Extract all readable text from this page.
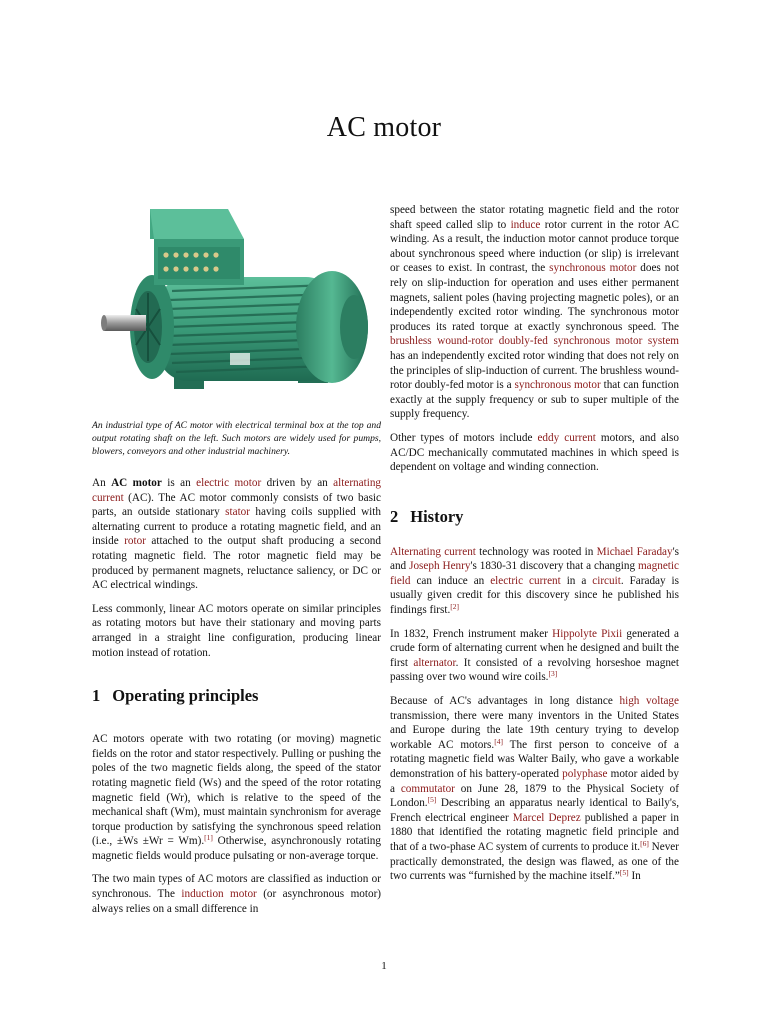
AC motor

An industrial type of AC motor with electrical terminal box at the top and output rotating shaft on the left. Such motors are widely used for pumps, blowers, conveyors and other industrial machinery.

An AC motor is an electric motor driven by an alternating current (AC). The AC motor commonly consists of two basic parts, an outside stationary stator having coils supplied with alternating current to produce a rotating magnetic field, and an inside rotor attached to the output shaft producing a second rotating magnetic field. The rotor magnetic field may be produced by permanent magnets, reluctance saliency, or DC or AC electrical windings.

Less commonly, linear AC motors operate on similar principles as rotating motors but have their stationary and moving parts arranged in a straight line configuration, producing linear motion instead of rotation.

1 Operating principles

AC motors operate with two rotating (or moving) magnetic fields on the rotor and stator respectively. Pulling or pushing the poles of the two magnetic fields along, the speed of the stator rotating magnetic field (Ws) and the speed of the rotor rotating magnetic field (Wr), which is relative to the speed of the mechanical shaft (Wm), must maintain synchronism for average torque production by satisfying the synchronous speed relation (i.e., ±Ws ±Wr = Wm).[1] Otherwise, asynchronously rotating magnetic fields would produce pulsating or non-average torque.

The two main types of AC motors are classified as induction or synchronous. The induction motor (or asynchronous motor) always relies on a small difference in

speed between the stator rotating magnetic field and the rotor shaft speed called slip to induce rotor current in the rotor AC winding. As a result, the induction motor cannot produce torque about synchronous speed where induction (or slip) is irrelevant or ceases to exist. In contrast, the synchronous motor does not rely on slip-induction for operation and uses either permanent magnets, salient poles (having projecting magnetic poles), or an independently excited rotor winding. The synchronous motor produces its rated torque at exactly synchronous speed. The brushless wound-rotor doubly-fed synchronous motor system has an independently excited rotor winding that does not rely on the principles of slip-induction of current. The brushless wound-rotor doubly-fed motor is a synchronous motor that can function exactly at the supply frequency or sub to super multiple of the supply frequency.

Other types of motors include eddy current motors, and also AC/DC mechanically commutated machines in which speed is dependent on voltage and winding connection.

2 History

Alternating current technology was rooted in Michael Faraday's and Joseph Henry's 1830-31 discovery that a changing magnetic field can induce an electric current in a circuit. Faraday is usually given credit for this discovery since he published his findings first.[2]

In 1832, French instrument maker Hippolyte Pixii generated a crude form of alternating current when he designed and built the first alternator. It consisted of a revolving horseshoe magnet passing over two wound wire coils.[3]

Because of AC's advantages in long distance high voltage transmission, there were many inventors in the United States and Europe during the late 19th century trying to develop workable AC motors.[4] The first person to conceive of a rotating magnetic field was Walter Baily, who gave a workable demonstration of his battery-operated polyphase motor aided by a commutator on June 28, 1879 to the Physical Society of London.[5] Describing an apparatus nearly identical to Baily's, French electrical engineer Marcel Deprez published a paper in 1880 that identified the rotating magnetic field principle and that of a two-phase AC system of currents to produce it.[6] Never practically demonstrated, the design was flawed, as one of the two currents was “furnished by the machine itself.”[5] In

1
